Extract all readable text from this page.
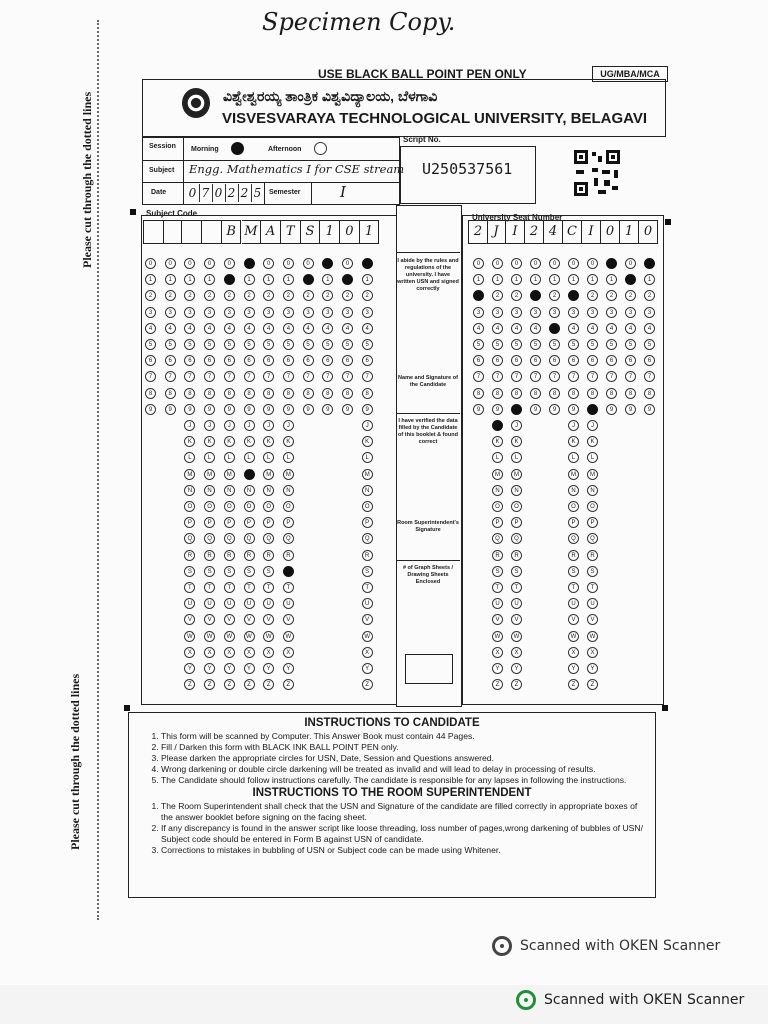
Specimen Copy.
Please cut through the dotted lines
Please cut through the dotted lines
USE BLACK BALL POINT PEN ONLY	UG/MBA/MCA
ವಿಶ್ವೇಶ್ವರಯ್ಯ ತಾಂತ್ರಿಕ ವಿಶ್ವವಿದ್ಯಾಲಯ, ಬೆಳಗಾವಿ
VISVESVARAYA TECHNOLOGICAL UNIVERSITY, BELAGAVI
Session Morning	Afternoon
Subject Engg. Mathematics I for CSE stream
Date 0 7 0 2 2 5	Semester	I
Script No.
U250537561
Subject Code
B M A T S 1 0 1
0
1
2
3
4
5
6
7
8
9
0
1
2
3
4
5
6
7
8
9
0
1
2
3
4
5
6
7
8
9
J
K
L
M
N
O
P
Q
R
S
T
U
V
W
X
Y
Z
0
1
2
3
4
5
6
7
8
9
J
K
L
M
N
O
P
Q
R
S
T
U
V
W
X
Y
Z
0
1
2
3
4
5
6
7
8
9
J
K
L
M
N
O
P
Q
R
S
T
U
V
W
X
Y
Z
0
1
2
3
4
5
6
7
8
9
J
K
L
M
N
O
P
Q
R
S
T
U
V
W
X
Y
Z
0
1
2
3
4
5
6
7
8
9
J
K
L
M
N
O
P
Q
R
S
T
U
V
W
X
Y
Z
0
1
2
3
4
5
6
7
8
9
J
K
L
M
N
O
P
Q
R
S
T
U
V
W
X
Y
Z
0
1
2
3
4
5
6
7
8
9
0
1
2
3
4
5
6
7
8
9
0
1
2
3
4
5
6
7
8
9
0
1
2
3
4
5
6
7
8
9
J
K
L
M
N
O
P
Q
R
S
T
U
V
W
X
Y
Z
I abide by the rules and regulations of the university. I have written USN and signed correctly
Name and Signature of the Candidate
I have verified the data filled by the Candidate of this booklet & found correct
Room Superintendent's Signature
# of Graph Sheets / Drawing Sheets Enclosed
University Seat Number
2 J	I 2 4 C I 0 1 0
0
1
2
3
4
5
6
7
8
9
0
1
2
3
4
5
6
7
8
9
J
K
L
M
N
O
P
Q
R
S
T
U
V
W
X
Y
Z
0
1
2
3
4
5
6
7
8
9
J
K
L
M
N
O
P
Q
R
S
T
U
V
W
X
Y
Z
0
1
2
3
4
5
6
7
8
9
0
1
2
3
4
5
6
7
8
9
0
1
2
3
4
5
6
7
8
9
J
K
L
M
N
O
P
Q
R
S
T
U
V
W
X
Y
Z
0
1
2
3
4
5
6
7
8
9
J
K
L
M
N
O
P
Q
R
S
T
U
V
W
X
Y
Z
0
1
2
3
4
5
6
7
8
9
0
1
2
3
4
5
6
7
8
9
0
1
2
3
4
5
6
7
8
9
INSTRUCTIONS TO CANDIDATE
1. This form will be scanned by Computer. This Answer Book must contain 44 Pages.
2. Fill / Darken this form with BLACK INK BALL POINT PEN only.
3. Please darken the appropriate circles for USN, Date, Session and Questions answered.
4. Wrong darkening or double circle darkening will be treated as invalid and will lead to delay in processing of results.
5. The Candidate should follow instructions carefully. The candidate is responsible for any lapses in following the instructions.
INSTRUCTIONS TO THE ROOM SUPERINTENDENT
1. The Room Superintendent shall check that the USN and Signature of the candidate are filled correctly in appropriate boxes of the answer booklet before signing on the facing sheet.
2. If any discrepancy is found in the answer script like loose threading, loss number of pages,wrong darkening of bubbles of USN/ Subject code should be entered in Form B against USN of candidate.
3. Corrections to mistakes in bubbling of USN or Subject code can be made using Whitener.
Scanned with OKEN Scanner
Scanned with OKEN Scanner
